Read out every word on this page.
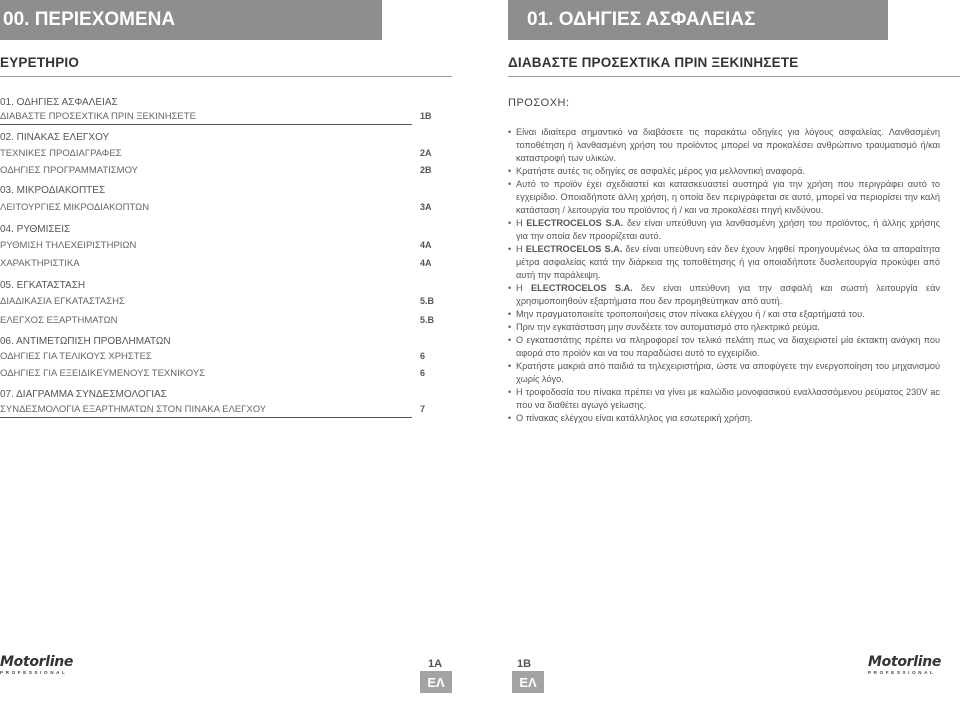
00. ΠΕΡΙΕΧΟΜΕΝΑ
ΕΥΡΕΤΗΡΙΟ
01. ΟΔΗΓΙΕΣ ΑΣΦΑΛΕΙΑΣ
ΔΙΑΒΑΣΤΕ ΠΡΟΣΕΧΤΙΚΑ ΠΡΙΝ ΞΕΚΙΝΗΣΕΤΕ	1B
02. ΠΙΝΑΚΑΣ ΕΛΕΓΧΟΥ
ΤΕΧΝΙΚΕΣ ΠΡΟΔΙΑΓΡΑΦΕΣ	2A
ΟΔΗΓΙΕΣ ΠΡΟΓΡΑΜΜΑΤΙΣΜΟΥ	2B
03. ΜΙΚΡΟΔΙΑΚΟΠΤΕΣ
ΛΕΙΤΟΥΡΓΙΕΣ ΜΙΚΡΟΔΙΑΚΟΠΤΩΝ	3A
04. ΡΥΘΜΙΣΕΙΣ
ΡΥΘΜΙΣΗ ΤΗΛΕΧΕΙΡΙΣΤΗΡΙΩΝ	4A
ΧΑΡΑΚΤΗΡΙΣΤΙΚΑ	4A
05. ΕΓΚΑΤΑΣΤΑΣΗ
ΔΙΑΔΙΚΑΣΙΑ ΕΓΚΑΤΑΣΤΑΣΗΣ	5.B
ΕΛΕΓΧΟΣ ΕΞΑΡΤΗΜΑΤΩΝ	5.B
06. ΑΝΤΙΜΕΤΩΠΙΣΗ ΠΡΟΒΛΗΜΑΤΩΝ
ΟΔΗΓΙΕΣ ΓΙΑ ΤΕΛΙΚΟΥΣ ΧΡΗΣΤΕΣ	6
ΟΔΗΓΙΕΣ ΓΙΑ ΕΞΕΙΔΙΚΕΥΜΕΝΟΥΣ ΤΕΧΝΙΚΟΥΣ	6
07. ΔΙΑΓΡΑΜΜΑ ΣΥΝΔΕΣΜΟΛΟΓΙΑΣ
ΣΥΝΔΕΣΜΟΛΟΓΙΑ ΕΞΑΡΤΗΜΑΤΩΝ ΣΤΟΝ ΠΙΝΑΚΑ ΕΛΕΓΧΟΥ	7
Motorline
PROFESSIONAL
1A
ΕΛ
01. ΟΔΗΓΙΕΣ ΑΣΦΑΛΕΙΑΣ
ΔΙΑΒΑΣΤΕ ΠΡΟΣΕΧΤΙΚΑ ΠΡΙΝ ΞΕΚΙΝΗΣΕΤΕ
ΠΡΟΣΟΧΗ:
• Είναι ιδιαίτερα σημαντικό να διαβάσετε τις παρακάτω οδηγίες για λόγους ασφαλείας. Λανθασμένη τοποθέτηση ή λανθασμένη χρήση του προϊόντος μπορεί να προκαλέσει ανθρώπινο τραυματισμό ή/και καταστροφή των υλικών.
• Κρατήστε αυτές τις οδηγίες σε ασφαλές μέρος για μελλοντική αναφορά.
• Αυτό το προϊόν έχει σχεδιαστεί και κατασκευαστεί αυστηρά για την χρήση που περιγράφει αυτό το εγχειρίδιο. Οποιαδήποτε άλλη χρήση, η οποία δεν περιγράφεται σε αυτό, μπορεί να περιορίσει την καλή κατάσταση / λειτουργία του προϊόντος ή / και να προκαλέσει πηγή κινδύνου.
• Η ELECTROCELOS S.A. δεν είναι υπεύθυνη για λανθασμένη χρήση του προϊόντος, ή άλλης χρήσης για την οποία δεν προορίζεται αυτό.
• Η ELECTROCELOS S.A. δεν είναι υπεύθυνη εάν δεν έχουν ληφθεί προηγουμένως όλα τα απαραίτητα μέτρα ασφαλείας κατά την διάρκεια της τοποθέτησης ή για οποιαδήποτε δυσλειτουργία προκύψει από αυτή την παράλειψη.
• Η ELECTROCELOS S.A. δεν είναι υπεύθυνη για την ασφαλή και σωστή λειτουργία εάν χρησιμοποιηθούν εξαρτήματα που δεν προμηθεύτηκαν από αυτή.
• Μην πραγματοποιείτε τροποποιήσεις στον πίνακα ελέγχου ή / και στα εξαρτήματά του.
• Πριν την εγκατάσταση μην συνδέετε τον αυτοματισμό στο ηλεκτρικό ρεύμα.
• Ο εγκαταστάτης πρέπει να πληροφορεί τον τελικό πελάτη πως να διαχειριστεί μία έκτακτη ανάγκη που αφορά στο προϊόν και να του παραδώσει αυτό το εγχειρίδιο.
• Κρατήστε μακριά από παιδιά τα τηλεχειριστήρια, ώστε να αποφύγετε την ενεργοποίηση του μηχανισμού χωρίς λόγο.
• Η τροφοδοσία του πίνακα πρέπει να γίνει με καλώδιο μονοφασικού εναλλασσόμενου ρεύματος 230V ac που να διαθέτει αγωγό γείωσης.
• Ο πίνακας ελέγχου είναι κατάλληλος για εσωτερική χρήση.
1B
ΕΛ
Motorline
PROFESSIONAL
